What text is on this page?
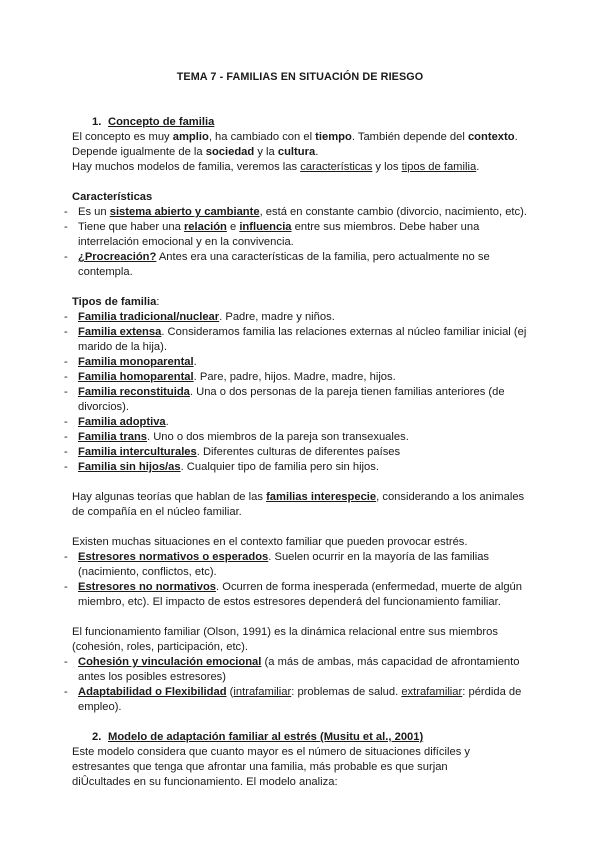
TEMA 7 - FAMILIAS EN SITUACIÓN DE RIESGO
1. Concepto de familia
El concepto es muy amplio, ha cambiado con el tiempo. También depende del contexto.
Depende igualmente de la sociedad y la cultura.
Hay muchos modelos de familia, veremos las características y los tipos de familia.
Características
- Es un sistema abierto y cambiante, está en constante cambio (divorcio, nacimiento, etc).
- Tiene que haber una relación e influencia entre sus miembros. Debe haber una
interrelación emocional y en la convivencia.
- ¿Procreación? Antes era una características de la familia, pero actualmente no se
contempla.
Tipos de familia:
- Familia tradicional/nuclear. Padre, madre y niños.
- Familia extensa. Consideramos familia las relaciones externas al núcleo familiar inicial (ej
marido de la hija).
- Familia monoparental.
- Familia homoparental. Pare, padre, hijos. Madre, madre, hijos.
- Familia reconstituida. Una o dos personas de la pareja tienen familias anteriores (de
divorcios).
- Familia adoptiva.
- Familia trans. Uno o dos miembros de la pareja son transexuales.
- Familia interculturales. Diferentes culturas de diferentes países
- Familia sin hijos/as. Cualquier tipo de familia pero sin hijos.
Hay algunas teorías que hablan de las familias interespecie, considerando a los animales
de compañía en el núcleo familiar.
Existen muchas situaciones en el contexto familiar que pueden provocar estrés.
- Estresores normativos o esperados. Suelen ocurrir en la mayoría de las familias
(nacimiento, conflictos, etc).
- Estresores no normativos. Ocurren de forma inesperada (enfermedad, muerte de algún
miembro, etc). El impacto de estos estresores dependerá del funcionamiento familiar.
El funcionamiento familiar (Olson, 1991) es la dinámica relacional entre sus miembros
(cohesión, roles, participación, etc).
- Cohesión y vinculación emocional (a más de ambas, más capacidad de afrontamiento
antes los posibles estresores)
- Adaptabilidad o Flexibilidad (intrafamiliar: problemas de salud. extrafamiliar: pérdida de
empleo).
2. Modelo de adaptación familiar al estrés (Musitu et al., 2001)
Este modelo considera que cuanto mayor es el número de situaciones difíciles y
estresantes que tenga que afrontar una familia, más probable es que surjan
diÛcultades en su funcionamiento. El modelo analiza:
